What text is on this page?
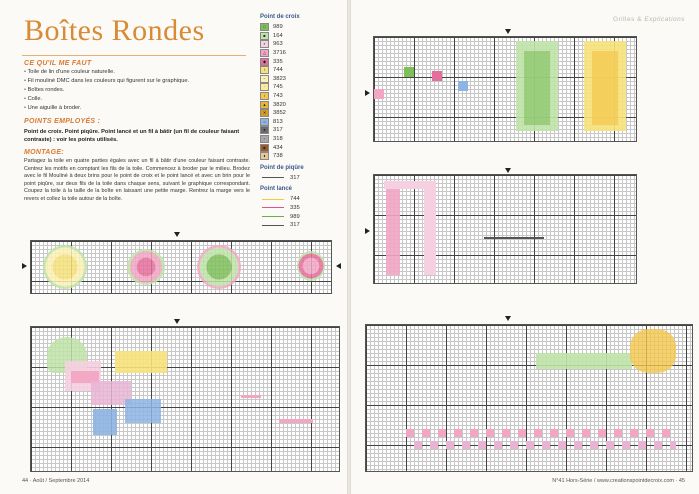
Boîtes Rondes
CE QU'IL ME FAUT
• Toile de lin d'une couleur naturelle.
• Fil mouliné DMC dans les couleurs qui figurent sur le graphique.
• Boîtes rondes.
• Colle.
• Une aiguille à broder.
POINTS EMPLOYÉS :
Point de croix. Point piqûre. Point lancé et un fil à bâtir (un fil de couleur faisant contraste) : voir les points utilisés.
MONTAGE:
Partagez la toile en quatre parties égales avec un fil à bâtir d'une couleur faisant contraste. Centrez les motifs en comptant les fils de la toile. Commencez à broder par le milieu. Brodez avec le fil Mouliné à deux brins pour le point de croix et le point lancé et avec un brin pour le point piqûre, sur deux fils de la toile dans chaque sens, suivant le graphique correspondant. Coupez la toile à la taille de la boîte en laissant une petite marge. Rentrez la marge vers le revers et collez la toile autour de la boîte.
Point de croix
□	989
■	164
▪	963
△	3716
◆	335
\	744
−	3823
·	745
/	743
▲	3820
✕	3852
○	813
●	317
▫	318
■	434
⬧	738
Point de piqûre
317
Point lancé
744
335
989
317
44 · Août / Septembre 2014
Grilles & Explications
N°41 Hors-Série / www.creationspointdecroix.com · 45
